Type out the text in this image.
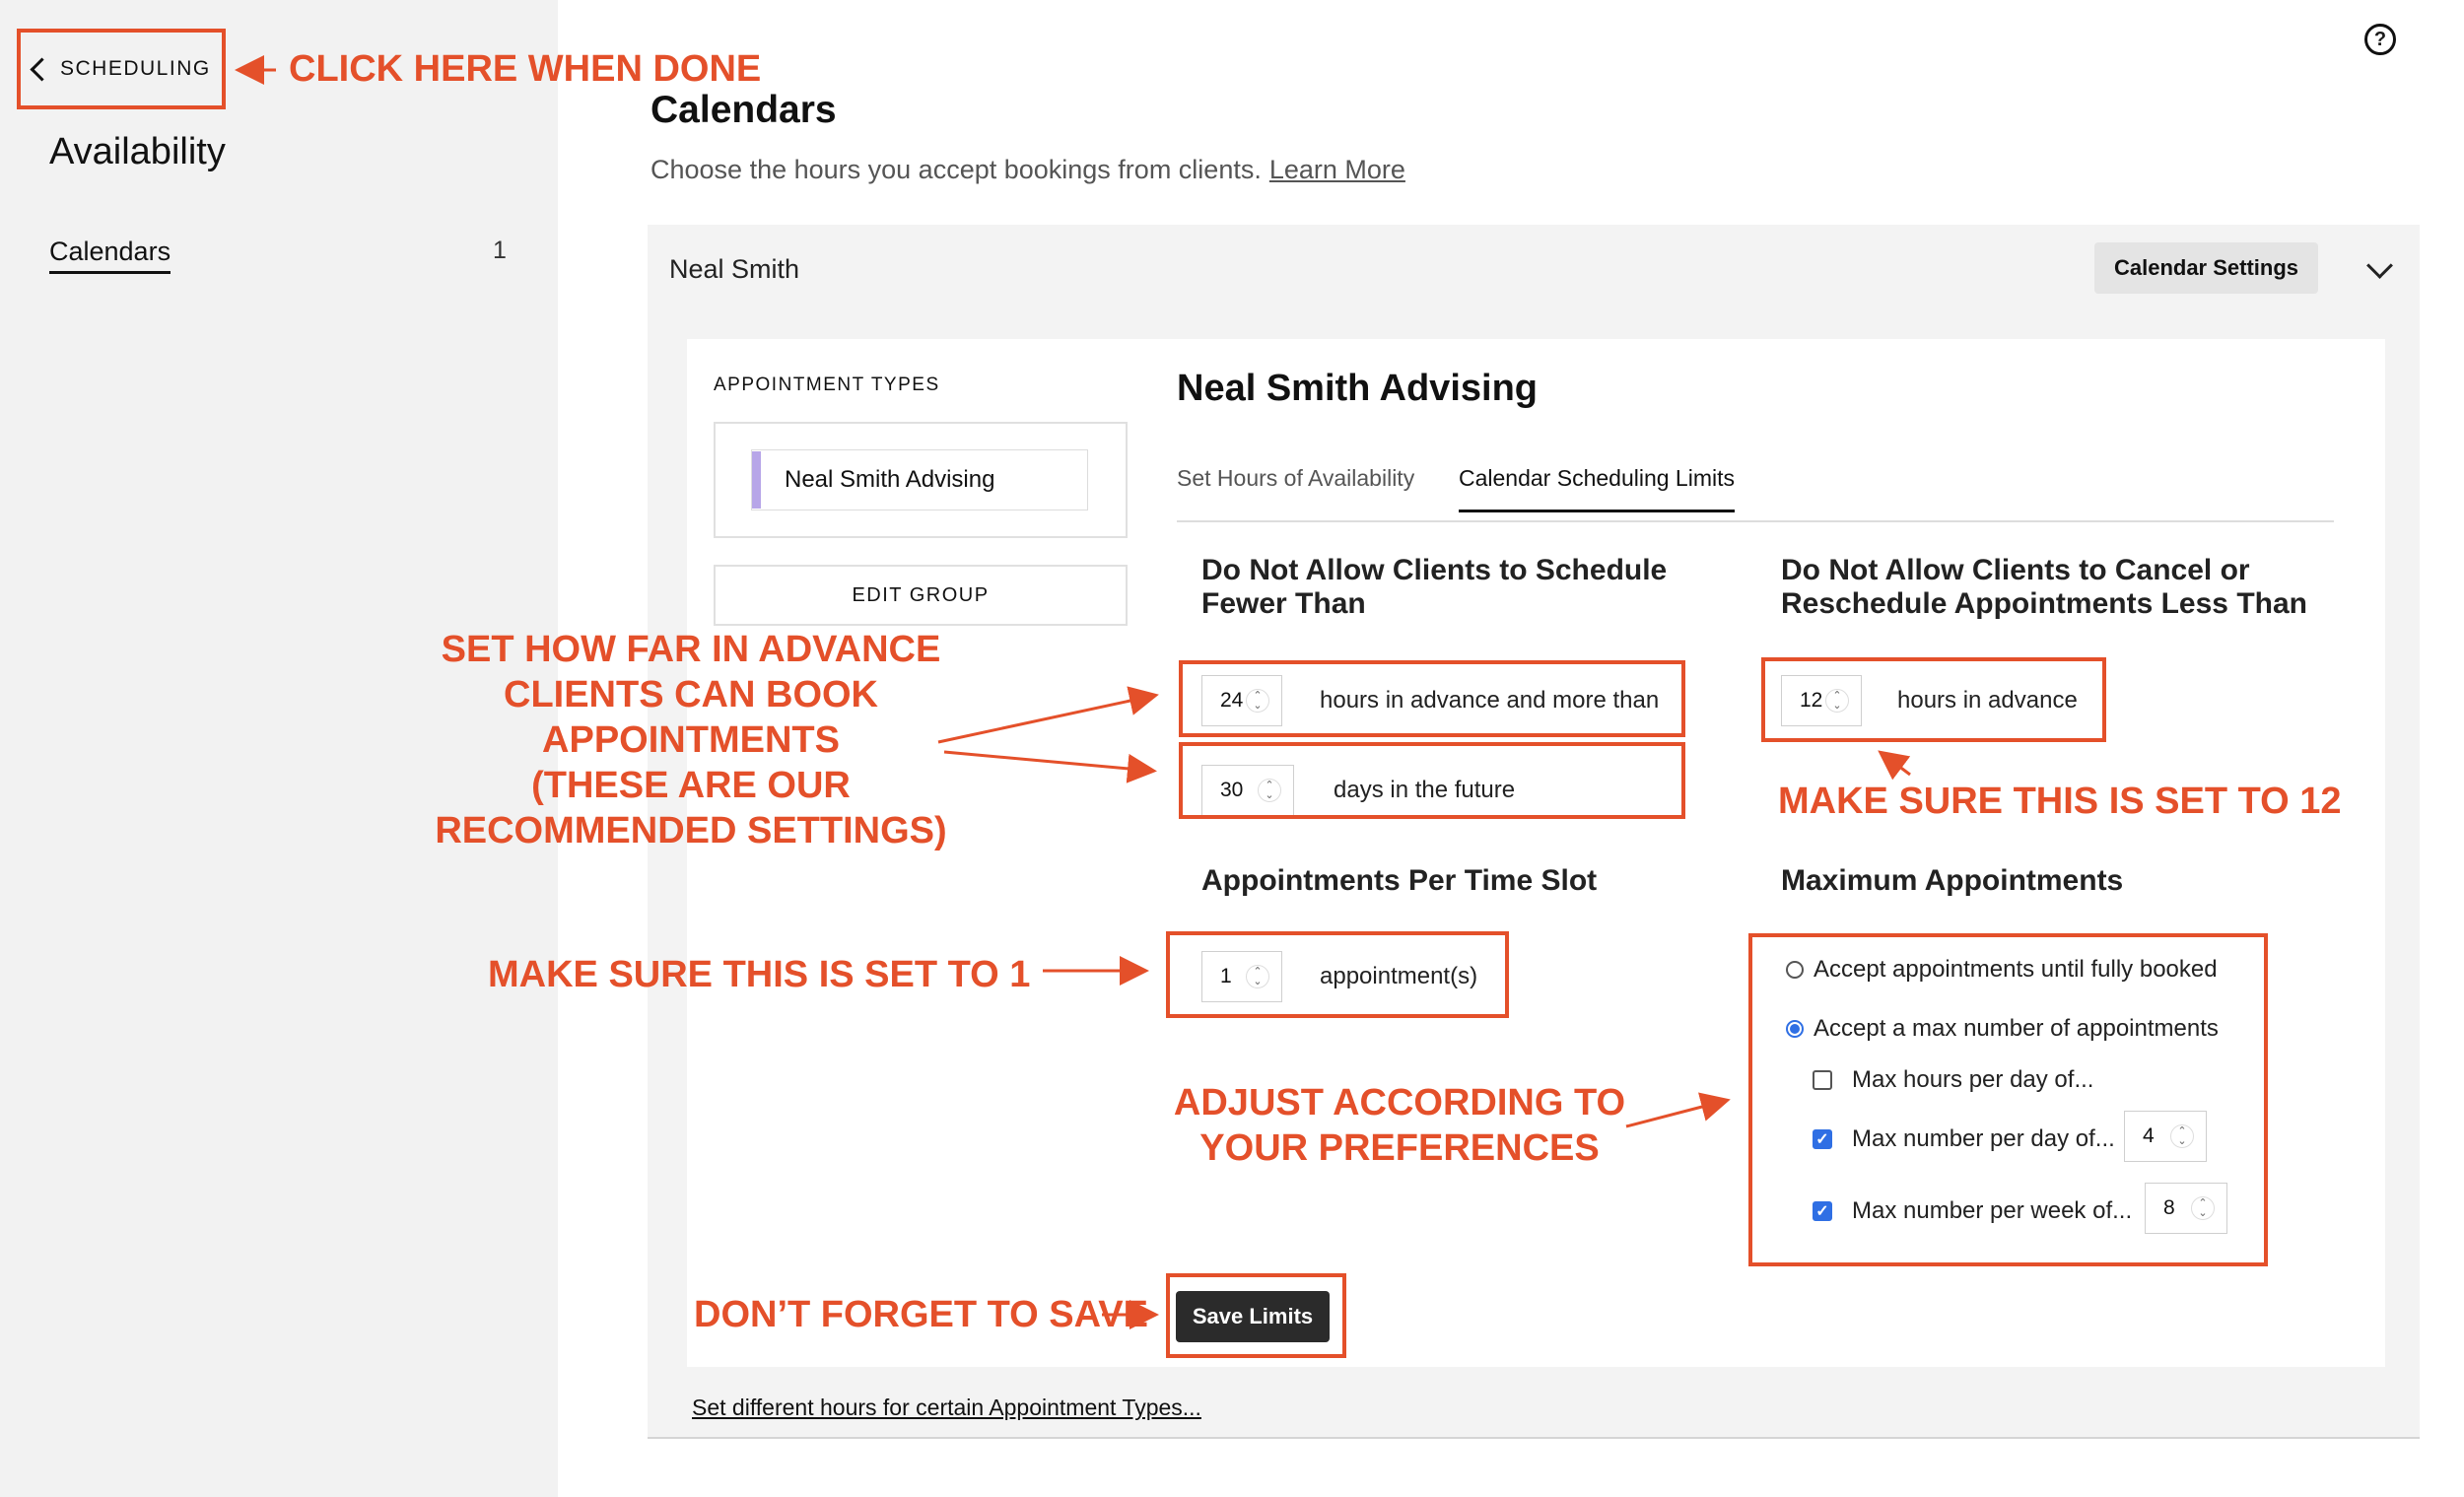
SCHEDULING
Availability
Calendars	1
?
Calendars
Choose the hours you accept bookings from clients. Learn More
Neal Smith	Calendar Settings
APPOINTMENT TYPES
Neal Smith Advising
EDIT GROUP
Neal Smith Advising
Set Hours of Availability Calendar Scheduling Limits
Do Not Allow Clients to Schedule Fewer Than
24 ⌃
⌄	hours in advance and more than
30	⌃
⌄	days in the future
Do Not Allow Clients to Cancel or Reschedule Appointments Less Than
12 ⌃
⌄	hours in advance
Appointments Per Time Slot
1	⌃
⌄	appointment(s)
Maximum Appointments
Accept appointments until fully booked
Accept a max number of appointments
Max hours per day of...
✓ Max number per day of... 4	⌃
⌄
✓ Max number per week of... 8	⌃
⌄
Save Limits
Set different hours for certain Appointment Types...
CLICK HERE WHEN DONE
SET HOW FAR IN ADVANCE
CLIENTS CAN BOOK
APPOINTMENTS
(THESE ARE OUR
RECOMMENDED SETTINGS)
MAKE SURE THIS IS SET TO 12
MAKE SURE THIS IS SET TO 1
ADJUST ACCORDING TO
YOUR PREFERENCES
DON’T FORGET TO SAVE
